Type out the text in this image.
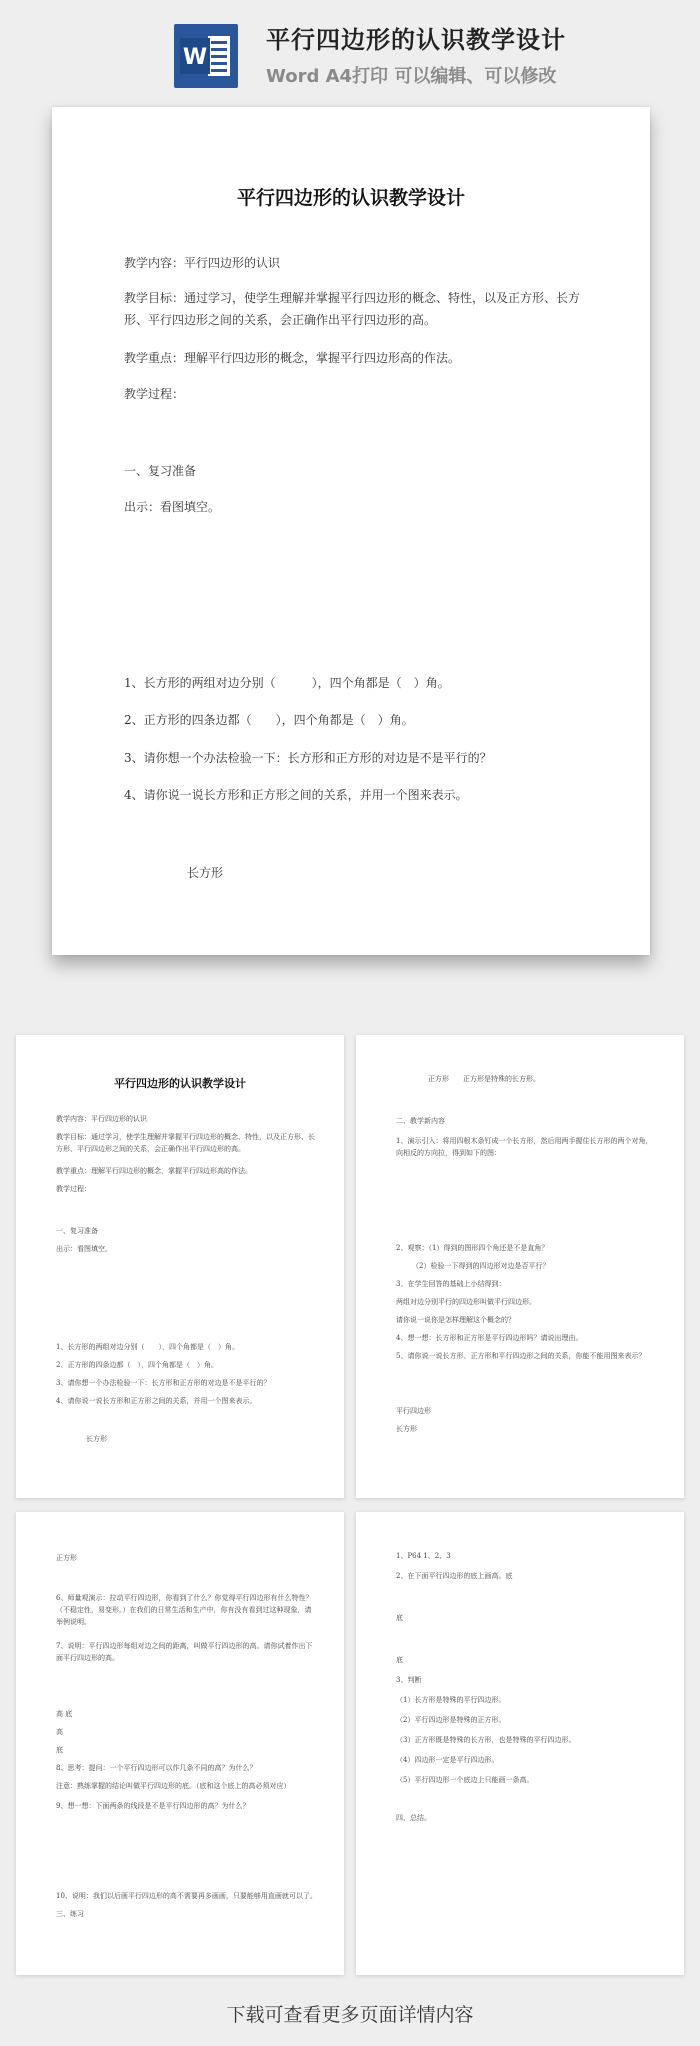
W
平行四边形的认识教学设计
Word A4打印 可以编辑、可以修改
平行四边形的认识教学设计
教学内容：平行四边形的认识
教学目标：通过学习，使学生理解并掌握平行四边形的概念、特性，以及正方形、长方形、平行四边形之间的关系，会正确作出平行四边形的高。
教学重点：理解平行四边形的概念，掌握平行四边形高的作法。
教学过程：
一、复习准备
出示：看图填空。
1、长方形的两组对边分别（　　　），四个角都是（　）角。
2、正方形的四条边都（　　），四个角都是（　）角。
3、请你想一个办法检验一下：长方形和正方形的对边是不是平行的？
4、请你说一说长方形和正方形之间的关系，并用一个图来表示。
长方形
平行四边形的认识教学设计
教学内容：平行四边形的认识
教学目标：通过学习，使学生理解并掌握平行四边形的概念、特性，以及正方形、长方形、平行四边形之间的关系，会正确作出平行四边形的高。
教学重点：理解平行四边形的概念，掌握平行四边形高的作法。
教学过程：
一、复习准备
出示：看图填空。
1、长方形的两组对边分别（　　），四个角都是（　）角。
2、正方形的四条边都（　），四个角都是（　）角。
3、请你想一个办法检验一下：长方形和正方形的对边是不是平行的？
4、请你说一说长方形和正方形之间的关系，并用一个图来表示。
长方形
正方形　　正方形是特殊的长方形。
二、教学新内容
1、演示引入：将用四根木条钉成一个长方形，然后用两手握住长方形的两个对角，向相反的方向拉，得到如下的图：
2、观察：（1）得到的图形四个角还是不是直角？
（2）检验一下得到的四边形对边是否平行？
3、在学生回答的基础上小结得到：
两组对边分别平行的四边形叫做平行四边形。
请你说一说你是怎样理解这个概念的？
4、想一想：长方形和正方形是平行四边形吗？请说出理由。
5、请你说一说长方形、正方形和平行四边形之间的关系，你能不能用图来表示？
平行四边形
长方形
正方形
6、师量观演示：拉动平行四边形，你看到了什么？你觉得平行四边形有什么特性？（不稳定性，易变形。）在我们的日常生活和生产中，你有没有看到过这种现象，请举例说明。
7、说明：平行四边形每组对边之间的距离，叫做平行四边形的高。请你试着作出下面平行四边形的高。
高 底
高
底
8、思考：提问：一个平行四边形可以作几条不同的高？为什么？
注意：熟练掌握的结论叫做平行四边形的底。（底和这个底上的高必须对应）
9、想一想：下面两条的线段是不是平行四边形的高？为什么？
10、说明：我们以后画平行四边形的高不需要再多画画，只要能够用直画就可以了。
三、练习
1、P64 1、2、3
2、在下面平行四边形的底上画高。底
底
底
3、判断
（1）长方形是特殊的平行四边形。
（2）平行四边形是特殊的正方形。
（3）正方形既是特殊的长方形，也是特殊的平行四边形。
（4）四边形一定是平行四边形。
（5）平行四边形一个底边上只能画一条高。
四、总结。
下载可查看更多页面详情内容
